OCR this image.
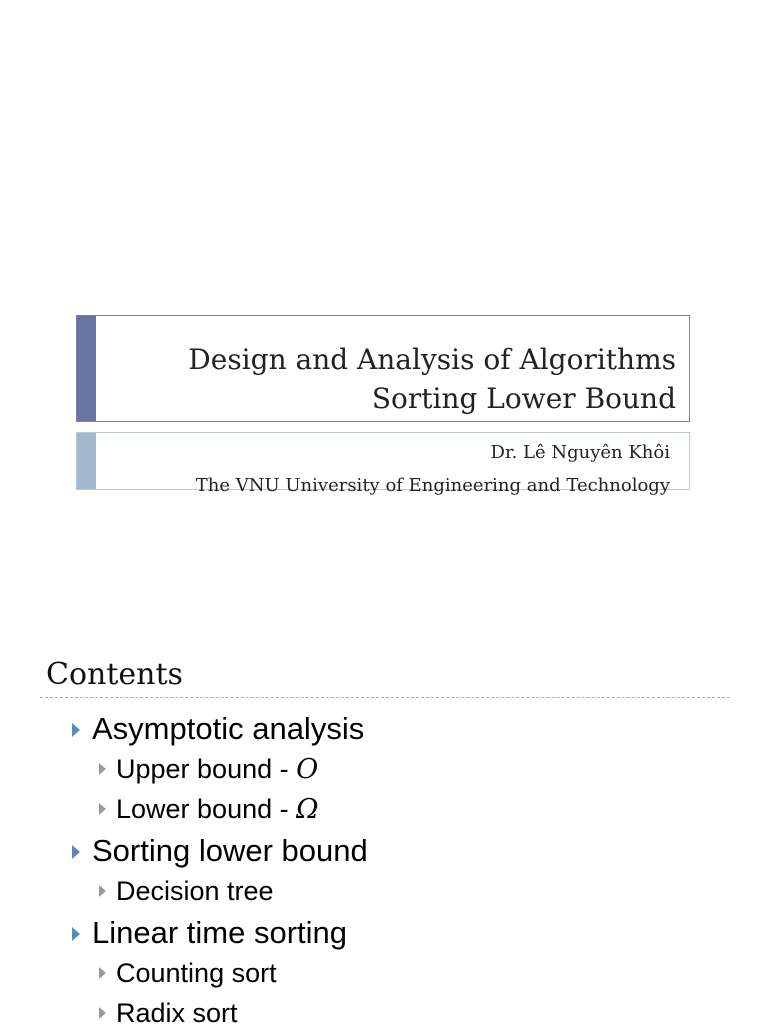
Design and Analysis of Algorithms
Sorting Lower Bound
Dr. Lê Nguyên Khôi
The VNU University of Engineering and Technology
Contents
Asymptotic analysis
Upper bound - O
Lower bound - Ω
Sorting lower bound
Decision tree
Linear time sorting
Counting sort
Radix sort
